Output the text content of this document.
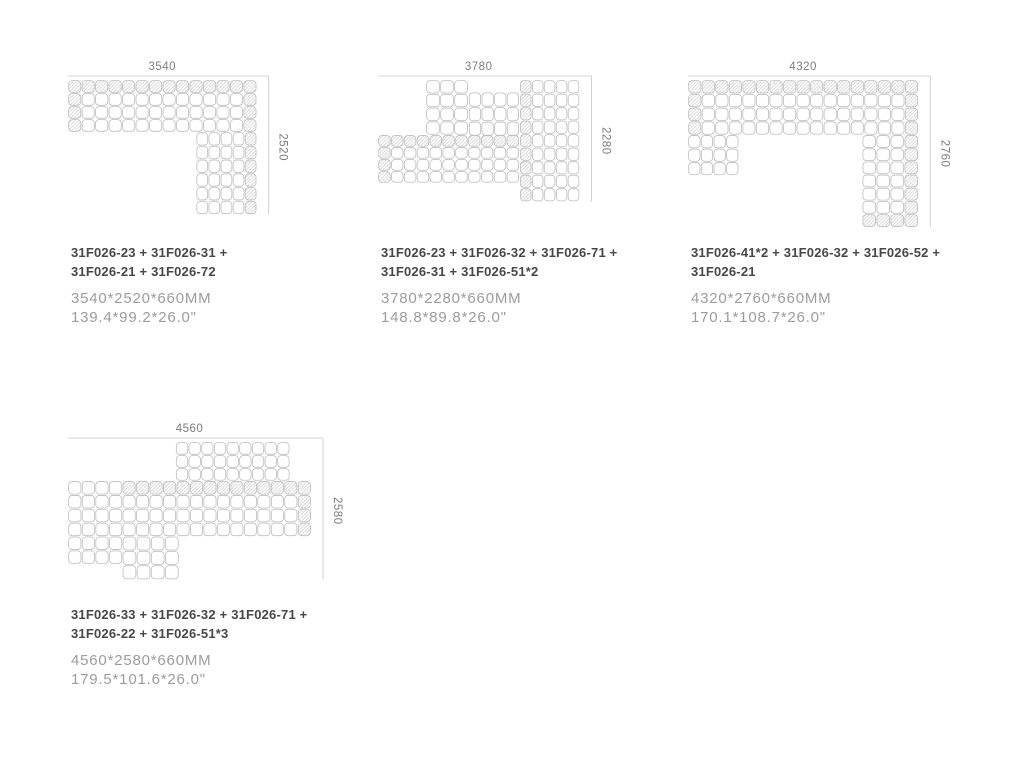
3540
2520
31F026-23 + 31F026-31 +
31F026-21 + 31F026-72
3540*2520*660MM
139.4*99.2*26.0"
3780
2280
31F026-23 + 31F026-32 + 31F026-71 +
31F026-31 + 31F026-51*2
3780*2280*660MM
148.8*89.8*26.0"
4320
2760
31F026-41*2 + 31F026-32 + 31F026-52 +
31F026-21
4320*2760*660MM
170.1*108.7*26.0"
4560
2580
31F026-33 + 31F026-32 + 31F026-71 +
31F026-22 + 31F026-51*3
4560*2580*660MM
179.5*101.6*26.0"
